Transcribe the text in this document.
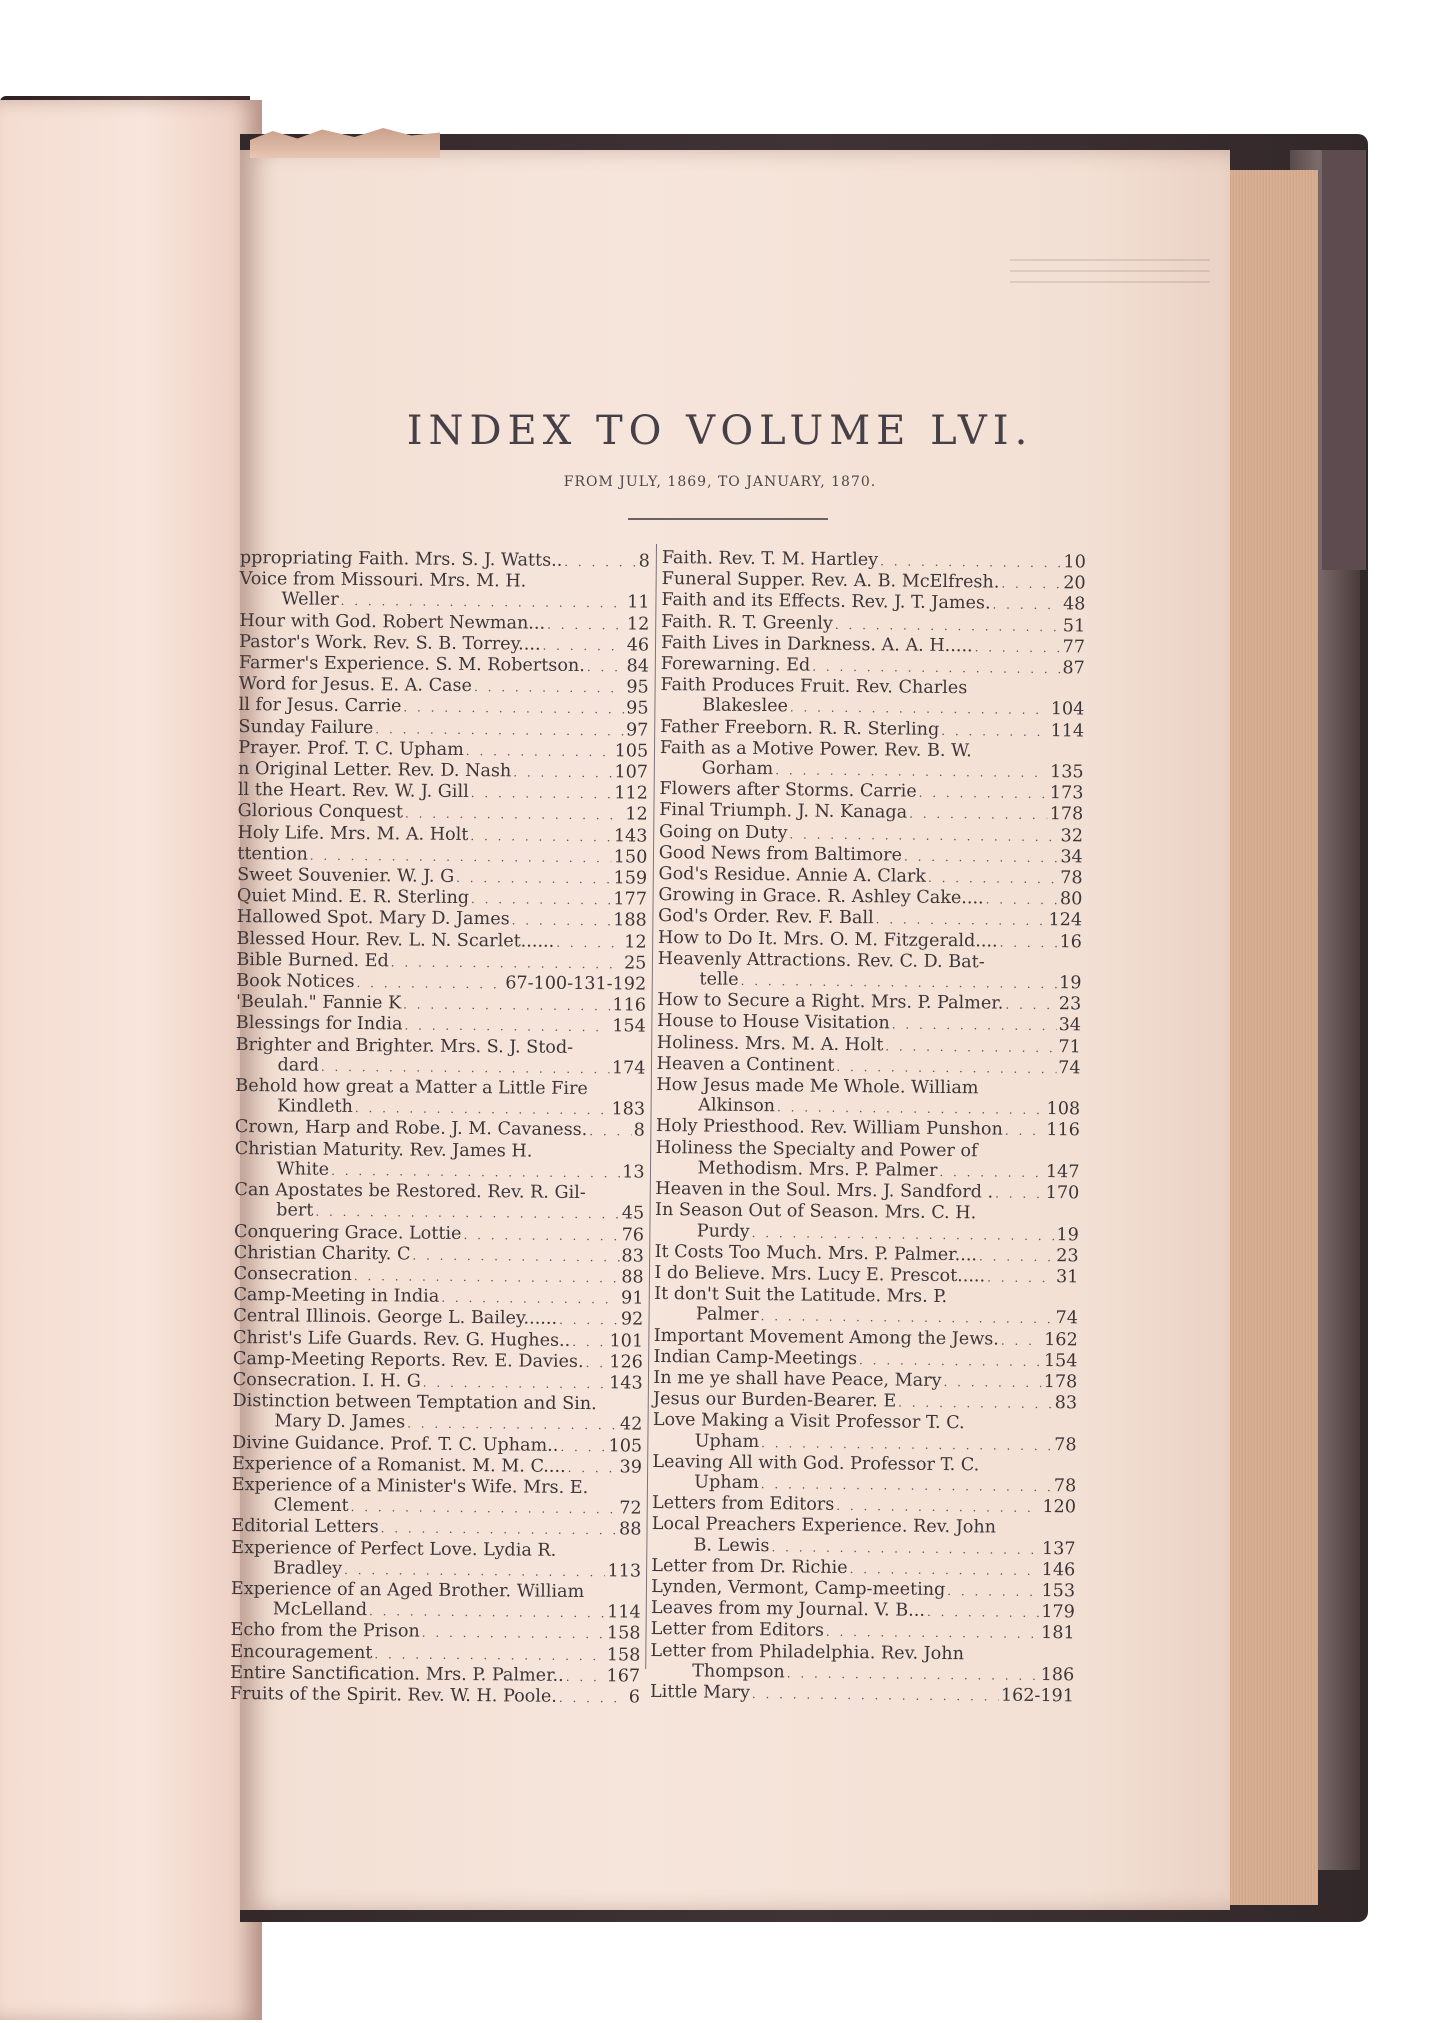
INDEX TO VOLUME LVI.

FROM JULY, 1869, TO JANUARY, 1870.

ppropriating Faith. Mrs. S. J. Watts.. . . .	8
Voice from Missouri. Mrs. M. H.
Weller . . .	11
Hour with God. Robert Newman... . . .	12
Pastor's Work. Rev. S. B. Torrey.... . . .	46
Farmer's Experience. S. M. Robertson. . . . 84
Word for Jesus. E. A. Case . . .	95
ll for Jesus. Carrie . . .	95
Sunday Failure . . .	97
Prayer. Prof. T. C. Upham . . .	105
n Original Letter. Rev. D. Nash . . .	107
ll the Heart. Rev. W. J. Gill . . .	112
Glorious Conquest . . .	12
Holy Life. Mrs. M. A. Holt . . .	143
ttention . . .	150
Sweet Souvenier. W. J. G . . .	159
Quiet Mind. E. R. Sterling . . .	177
Hallowed Spot. Mary D. James . . .	188
Blessed Hour. Rev. L. N. Scarlet...... . . .	12
Bible Burned. Ed . . .	25
Book Notices . . .	67-100-131-192
'Beulah." Fannie K . . .	116
Blessings for India . . .	154
Brighter and Brighter. Mrs. S. J. Stod-
dard . . .	174
Behold how great a Matter a Little Fire
Kindleth . . .	183
Crown, Harp and Robe. J. M. Cavaness. . . .	8
Christian Maturity. Rev. James H.
White . . .	13
Can Apostates be Restored. Rev. R. Gil-
bert . . .	45
Conquering Grace. Lottie . . .	76
Christian Charity. C . . .	83
Consecration . . .	88
Camp-Meeting in India . . .	91
Central Illinois. George L. Bailey...... . . .	92
Christ's Life Guards. Rev. G. Hughes.. . . . 101
Camp-Meeting Reports. Rev. E. Davies. . . . 126
Consecration. I. H. G . . .	143
Distinction between Temptation and Sin.
Mary D. James . . .	42
Divine Guidance. Prof. T. C. Upham.. . . .	105
Experience of a Romanist. M. M. C.... . . .	39
Experience of a Minister's Wife. Mrs. E.
Clement . . .	72
Editorial Letters . . .	88
Experience of Perfect Love. Lydia R.
Bradley . . .	113
Experience of an Aged Brother. William
McLelland . . .	114
Echo from the Prison . . .	158
Encouragement . . .	158
Entire Sanctification. Mrs. P. Palmer.. . . . 167
Fruits of the Spirit. Rev. W. H. Poole. . . .	6
Faith. Rev. T. M. Hartley . . .	10
Funeral Supper. Rev. A. B. McElfresh. . . .	20
Faith and its Effects. Rev. J. T. James. . . .	48
Faith. R. T. Greenly . . .	51
Faith Lives in Darkness. A. A. H..... . . .	77
Forewarning. Ed . . .	87
Faith Produces Fruit. Rev. Charles
Blakeslee . . .	104
Father Freeborn. R. R. Sterling . . .	114
Faith as a Motive Power. Rev. B. W.
Gorham . . .	135
Flowers after Storms. Carrie . . .	173
Final Triumph. J. N. Kanaga . . .	178
Going on Duty . . .	32
Good News from Baltimore . . .	34
God's Residue. Annie A. Clark . . .	78
Growing in Grace. R. Ashley Cake.... . . .	80
God's Order. Rev. F. Ball . . .	124
How to Do It. Mrs. O. M. Fitzgerald.... . . .	16
Heavenly Attractions. Rev. C. D. Bat-
telle . . .	19
How to Secure a Right. Mrs. P. Palmer. . . .	23
House to House Visitation . . .	34
Holiness. Mrs. M. A. Holt . . .	71
Heaven a Continent . . .	74
How Jesus made Me Whole. William
Alkinson . . .	108
Holy Priesthood. Rev. William Punshon . . . 116
Holiness the Specialty and Power of
Methodism. Mrs. P. Palmer . . .	147
Heaven in the Soul. Mrs. J. Sandford . . . .	170
In Season Out of Season. Mrs. C. H.
Purdy . . .	19
It Costs Too Much. Mrs. P. Palmer.... . . .	23
I do Believe. Mrs. Lucy E. Prescot..... . . .	31
It don't Suit the Latitude. Mrs. P.
Palmer . . .	74
Important Movement Among the Jews. . . .	162
Indian Camp-Meetings . . .	154
In me ye shall have Peace, Mary . . .	178
Jesus our Burden-Bearer. E . . .	83
Love Making a Visit Professor T. C.
Upham . . .	78
Leaving All with God. Professor T. C.
Upham . . .	78
Letters from Editors . . .	120
Local Preachers Experience. Rev. John
B. Lewis . . .	137
Letter from Dr. Richie . . .	146
Lynden, Vermont, Camp-meeting . . .	153
Leaves from my Journal. V. B... . . .	179
Letter from Editors . . .	181
Letter from Philadelphia. Rev. John
Thompson . . .	186
Little Mary . . .	162-191
